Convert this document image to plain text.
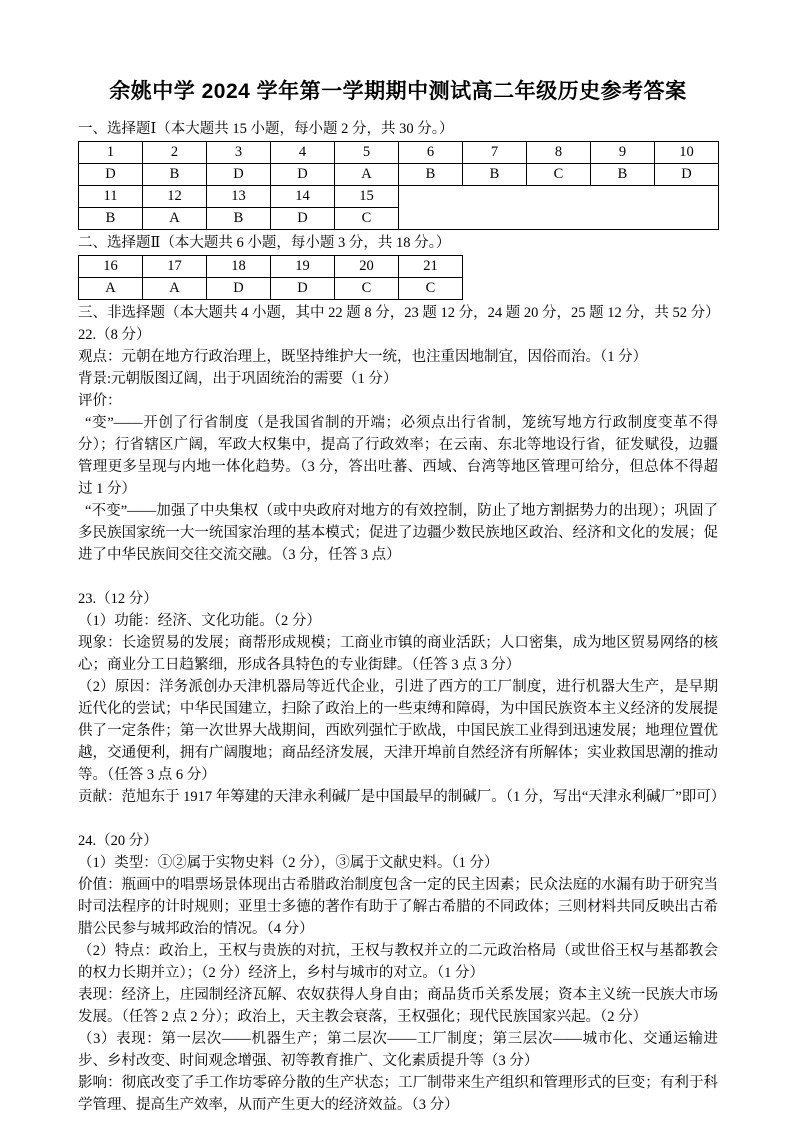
余姚中学 2024 学年第一学期期中测试高二年级历史参考答案
一、选择题Ⅰ（本大题共 15 小题，每小题 2 分，共 30 分。）
1	2	3	4	5	6	7	8	9	10
D	B	D	D	A	B	B	C	B	D
11	12	13	14	15					
B	A	B	D	C					
二、选择题Ⅱ（本大题共 6 小题，每小题 3 分，共 18 分。）
16	17	18	19	20	21
A	A	D	D	C	C
三、非选择题（本大题共 4 小题，其中 22 题 8 分，23 题 12 分，24 题 20 分，25 题 12 分，共 52 分）

22.（8 分）

观点：元朝在地方行政治理上，既坚持维护大一统，也注重因地制宜，因俗而治。（1 分）

背景:元朝版图辽阔，出于巩固统治的需要（1 分）

评价：

“变”——开创了行省制度（是我国省制的开端；必须点出行省制，笼统写地方行政制度变革不得分）；行省辖区广阔，军政大权集中，提高了行政效率；在云南、东北等地设行省，征发赋役，边疆管理更多呈现与内地一体化趋势。（3 分，答出吐蕃、西域、台湾等地区管理可给分，但总体不得超过 1 分）

“不变”——加强了中央集权（或中央政府对地方的有效控制，防止了地方割据势力的出现）；巩固了多民族国家统一大一统国家治理的基本模式；促进了边疆少数民族地区政治、经济和文化的发展；促进了中华民族间交往交流交融。（3 分，任答 3 点）

23.（12 分）

（1）功能：经济、文化功能。（2 分）

现象：长途贸易的发展；商帮形成规模；工商业市镇的商业活跃；人口密集，成为地区贸易网络的核心；商业分工日趋繁细，形成各具特色的专业街肆。（任答 3 点 3 分）

（2）原因：洋务派创办天津机器局等近代企业，引进了西方的工厂制度，进行机器大生产，是早期近代化的尝试；中华民国建立，扫除了政治上的一些束缚和障碍，为中国民族资本主义经济的发展提供了一定条件；第一次世界大战期间，西欧列强忙于欧战，中国民族工业得到迅速发展；地理位置优越，交通便利，拥有广阔腹地；商品经济发展，天津开埠前自然经济有所解体；实业救国思潮的推动等。（任答 3 点 6 分）

贡献：范旭东于 1917 年筹建的天津永利碱厂是中国最早的制碱厂。（1 分，写出“天津永利碱厂”即可）

24.（20 分）

（1）类型：①②属于实物史料（2 分），③属于文献史料。（1 分）

价值：瓶画中的唱票场景体现出古希腊政治制度包含一定的民主因素；民众法庭的水漏有助于研究当时司法程序的计时规则；亚里士多德的著作有助于了解古希腊的不同政体；三则材料共同反映出古希腊公民参与城邦政治的情况。（4 分）

（2）特点：政治上，王权与贵族的对抗，王权与教权并立的二元政治格局（或世俗王权与基都教会的权力长期并立）；（2 分）经济上，乡村与城市的对立。（1 分）

表现：经济上，庄园制经济瓦解、农奴获得人身自由；商品货币关系发展；资本主义统一民族大市场发展。（任答 2 点 2 分）；政治上，天主教会衰落，王权强化；现代民族国家兴起。（2 分）

（3）表现：第一层次——机器生产；第二层次——工厂制度；第三层次——城市化、交通运输进步、乡村改变、时间观念增强、初等教育推广、文化素质提升等（3 分）

影响：彻底改变了手工作坊零碎分散的生产状态；工厂制带来生产组织和管理形式的巨变；有利于科学管理、提高生产效率，从而产生更大的经济效益。（3 分）
